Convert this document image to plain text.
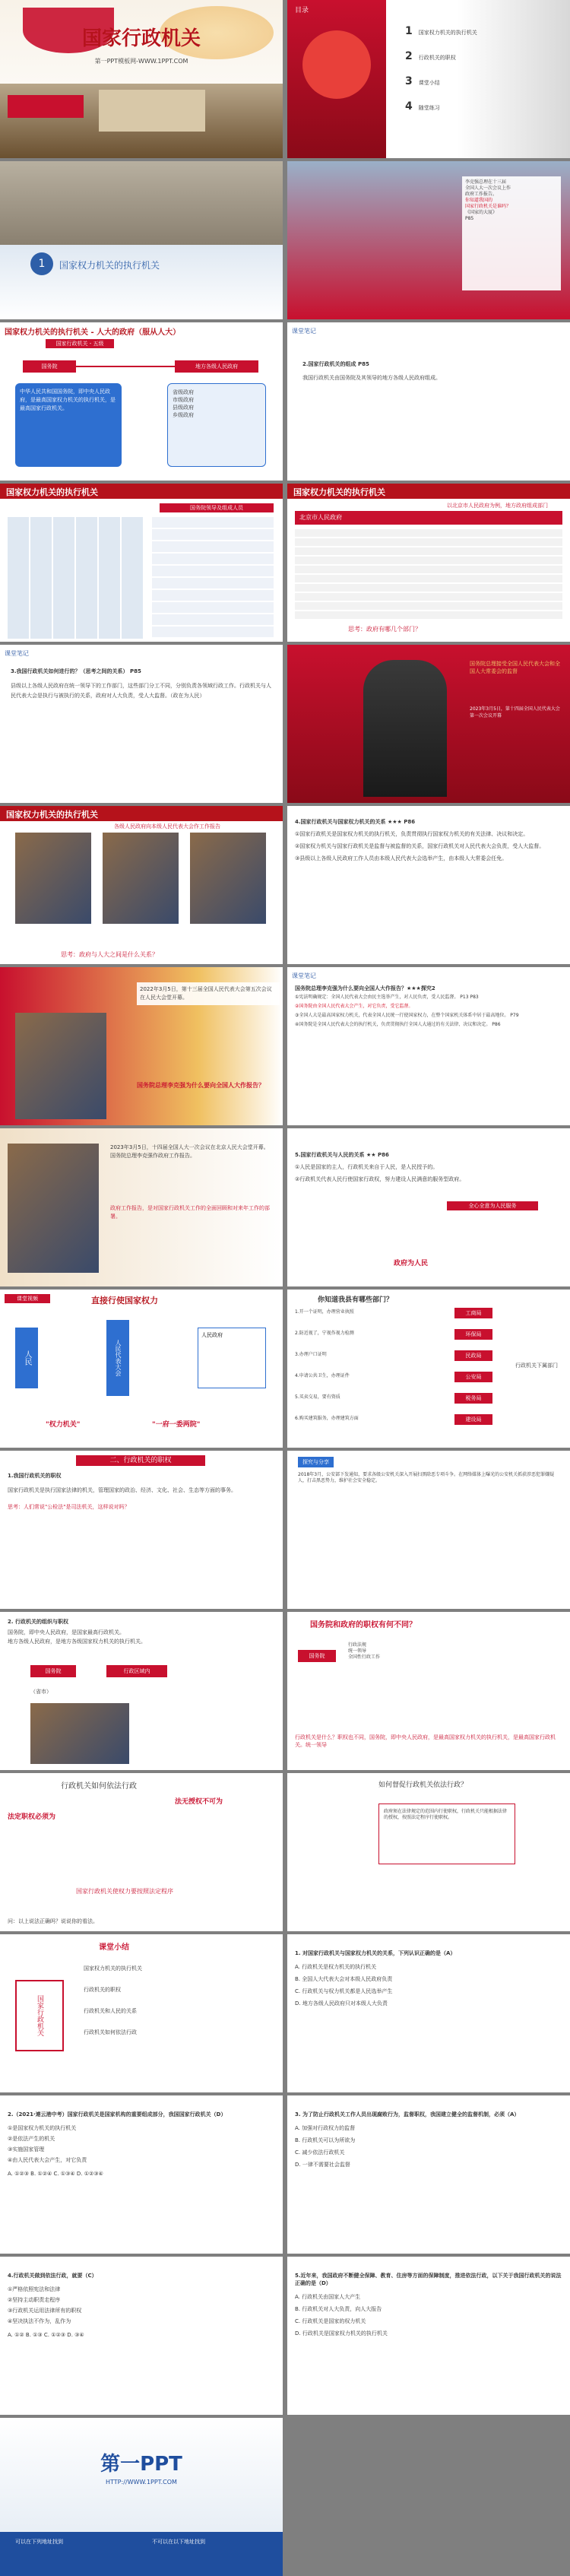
国家行政机关
第一PPT模板网-WWW.1PPT.COM
目录
1 国家权力机关的执行机关
2 行政机关的职权
3 课堂小结
4 随堂练习
1	国家权力机关的执行机关
李克强总理在十三届
全国人大一次会议上作
政府工作报告。
你知道我国的
国家行政机关是谁吗？
《国家的大厦》
P85
国家权力机关的执行机关 - 人大的政府（服从人大）
国家行政机关 - 五级
国务院	地方各级人民政府
中华人民共和国国务院，即中央人民政府，是最高国家权力机关的执行机关，是最高国家行政机关。
省级政府
市级政府
县级政府
乡级政府
课堂笔记
2.国家行政机关的组成 P85
我国行政机关由国务院及其领导的地方各级人民政府组成。
国家权力机关的执行机关
国务院领导及组成人员
国家权力机关的执行机关
以北京市人民政府为例，地方政府组成部门
北京市人民政府
思考：政府有哪几个部门？
课堂笔记
3.我国行政机关如何进行的？（思考之间的关系） P85
县级以上各级人民政府在统一领导下的工作部门，这些部门分工不同，分别负责各领域行政工作。行政机关与人民代表大会是执行与被执行的关系，政府对人大负责，受人大监督。（政在为人民）
国务院总理接受全国人民代表大会和全国人大常委会的监督
2023年3月5日，第十四届全国人民代表大会第一次会议开幕
国家权力机关的执行机关
各级人民政府向本级人民代表大会作工作报告
思考：政府与人大之间是什么关系？
4.国家行政机关与国家权力机关的关系 ★★★ P86
①国家行政机关是国家权力机关的执行机关，负责贯彻执行国家权力机关的有关法律、决议和决定。
②国家权力机关与国家行政机关是监督与被监督的关系，国家行政机关对人民代表大会负责，受人大监督。
③县级以上各级人民政府工作人员由本级人民代表大会选举产生，由本级人大常委会任免。
2022年3月5日，第十三届全国人民代表大会第五次会议在人民大会堂开幕。
国务院总理李克强为什么要向全国人大作报告？
课堂笔记
国务院总理李克强为什么要向全国人大作报告？★★★探究2
①宪法明确规定：全国人民代表大会由民主选举产生，对人民负责，受人民监督。 P13 P83
②国务院由全国人民代表大会产生，对它负责，受它监督。
③全国人大是最高国家权力机关，代表全国人民统一行使国家权力，在整个国家机关体系中居于最高地位。 P79
④国务院是全国人民代表大会的执行机关，负责贯彻执行全国人大通过的有关法律、决议和决定。 P86
2023年3月5日，十四届全国人大一次会议在北京人民大会堂开幕。国务院总理李克强作政府工作报告。
政府工作报告，是对国家行政机关工作的全面回顾和对来年工作的部署。
5.国家行政机关与人民的关系 ★★ P86
①人民是国家的主人，行政机关来自于人民，是人民授予的。
②行政机关代表人民行使国家行政权，努力建设人民满意的服务型政府。
全心全意为人民服务
政府为人民
课堂视频	直接行使国家权力
人民	人民代表大会
人民政府
"权力机关"	"一府一委两院"
你知道我县有哪些部门？
1.开一个证明，办理营业执照
2.防近视了，宁视作视力检测
3.办理户口证明
4.申请公共卫生，办理证件
5.买卖交易，要有资质
6.购买建筑服务，办理建筑方面
工商局
环保局
民政局
公安局
税务局
建设局
行政机关下属部门
二、行政机关的职权
1.我国行政机关的职权
国家行政机关是执行国家法律的机关，管理国家的政治、经济、文化、社会、生态等方面的事务。
思考：人们常说"公检法"是司法机关，这样说对吗？
探究与分享
2018年3月，公安部下发通知，要求各级公安机关深入开展扫黑除恶专项斗争。在网络媒体上曝光的公安机关抓获涉恶犯罪嫌疑人，打击黑恶势力，维护社会安全稳定。
2. 行政机关的组织与职权
国务院，即中央人民政府，是国家最高行政机关。
地方各级人民政府，是地方各级国家权力机关的执行机关。
国务院	行政区域内
（省市）
国务院和政府的职权有何不同？
国务院
行政法规
统一领导
全国性行政工作
行政机关是什么？职权也不同，国务院，即中央人民政府，是最高国家权力机关的执行机关，是最高国家行政机关。统一领导
行政机关如何依法行政
法定职权必须为
法无授权不可为
国家行政机关使权力要按照法定程序
问：以上说法正确吗？说说你的看法。
如何督促行政机关依法行政？
政府须在法律规定的范围内行使职权，行政机关只能根据法律的授权，按照法定程序行使职权。
课堂小结
国家行政机关
国家权力机关的执行机关
行政机关的职权
行政机关和人民的关系
行政机关如何依法行政
1. 对国家行政机关与国家权力机关的关系，下列认识正确的是（A）
A. 行政机关是权力机关的执行机关
B. 全国人大代表大会对本级人民政府负责
C. 行政机关与权力机关都是人民选举产生
D. 地方各级人民政府只对本级人大负责
2.（2021·連云港中考）国家行政机关是国家机构的重要组成部分，我国国家行政机关（D）
①是国家权力机关的执行机关
②是依法产生的机关
③实施国家管理
④由人民代表大会产生，对它负责
A. ①②③ B. ①②④ C. ①③④ D. ①②③④
3. 为了防止行政机关工作人员出现腐败行为，监督职权，我国建立健全的监督机制，必须（A）
A. 加强对行政权力的监督
B. 行政机关可以为所欲为
C. 减少依法行政机关
D. 一律不需要社会监督
4.行政机关做到依法行政，就要（C）
①严格依照宪法和法律
②坚持主动职责走程序
③行政机关运用法律所有的职权
④坚决执法不作为，乱作为
A. ①② B. ①③ C. ①②③ D. ③④
5.近年来，我国政府不断健全保障、教育、住房等方面的保障制度，推进依法行政，以下关于我国行政机关的说法正确的是（D）
A. 行政机关由国家人大产生
B. 行政机关对人大负责，向人大报告
C. 行政机关是国家的权力机关
D. 行政机关是国家权力机关的执行机关
第一PPT
HTTP://WWW.1PPT.COM
可以在下列地址找到	不可以在以下地址找到
